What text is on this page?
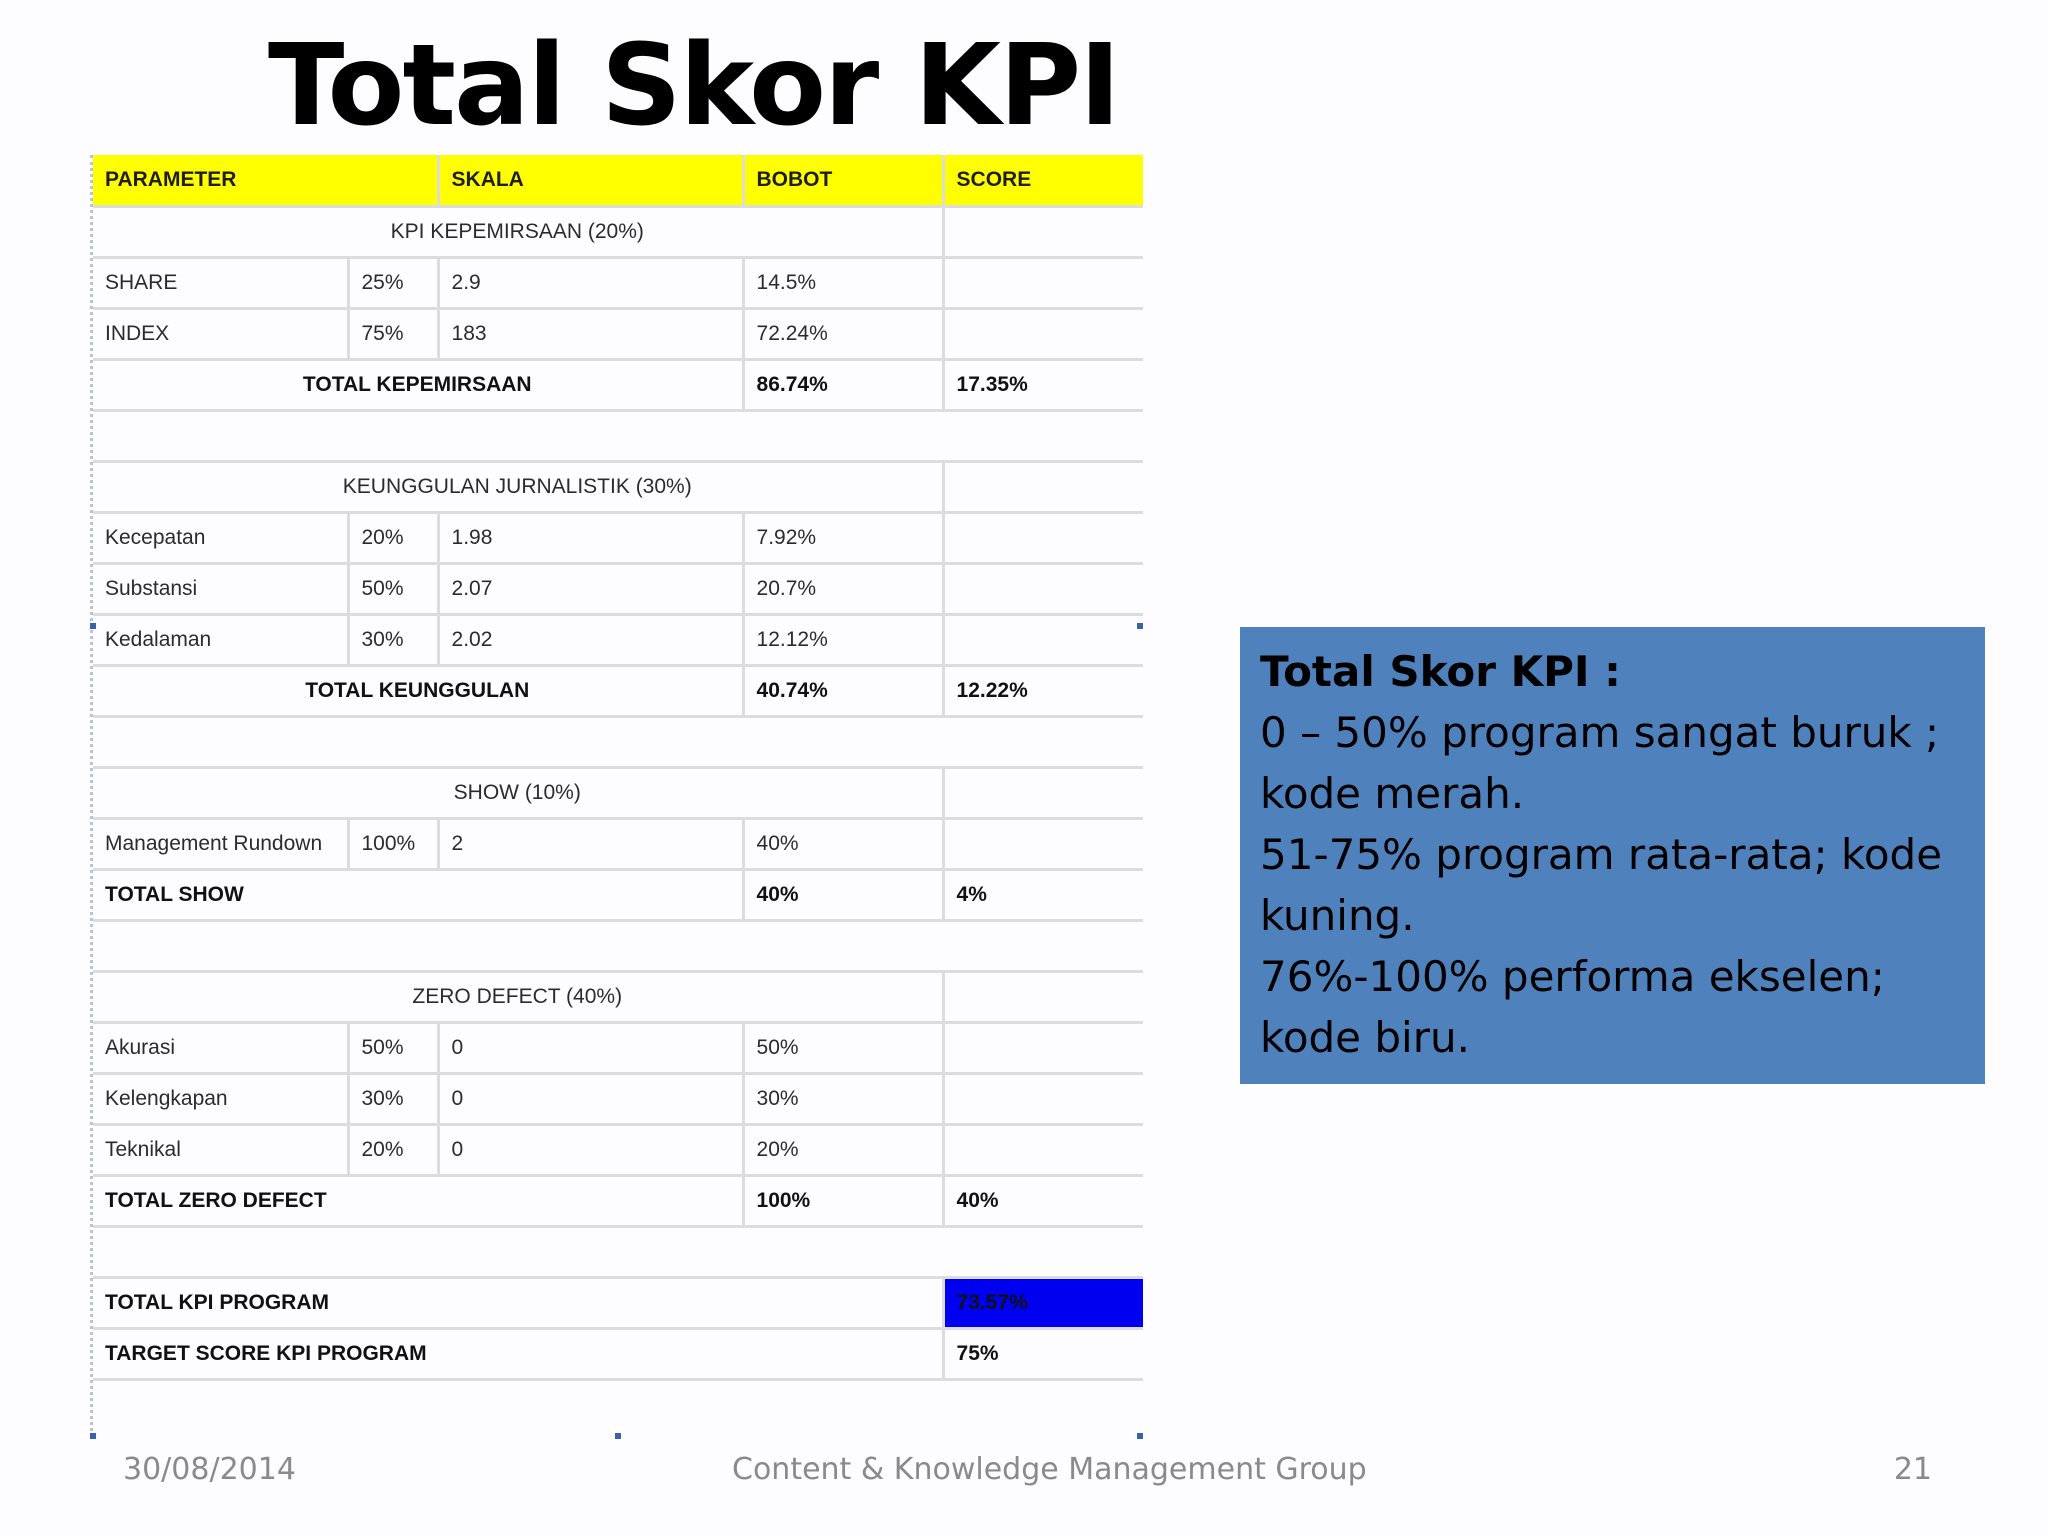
Total Skor KPI
PARAMETER		SKALA	BOBOT	SCORE
KPI KEPEMIRSAAN (20%)				
SHARE	25%	2.9	14.5%	
INDEX	75%	183	72.24%	
TOTAL KEPEMIRSAAN			86.74%	17.35%

KEUNGGULAN JURNALISTIK (30%)				
Kecepatan	20%	1.98	7.92%	
Substansi	50%	2.07	20.7%	
Kedalaman	30%	2.02	12.12%	
TOTAL KEUNGGULAN			40.74%	12.22%

SHOW (10%)				
Management Rundown	100%	2	40%	
TOTAL SHOW			40%	4%

ZERO DEFECT (40%)				
Akurasi	50%	0	50%	
Kelengkapan	30%	0	30%	
Teknikal	20%	0	20%	
TOTAL ZERO DEFECT			100%	40%

TOTAL KPI PROGRAM				73.57%
TARGET SCORE KPI PROGRAM				75%
Total Skor KPI :
0 – 50% program sangat buruk ;
kode merah.
51-75% program rata-rata; kode
kuning.
76%-100% performa ekselen;
kode biru.
30/08/2014	Content & Knowledge Management Group	21
